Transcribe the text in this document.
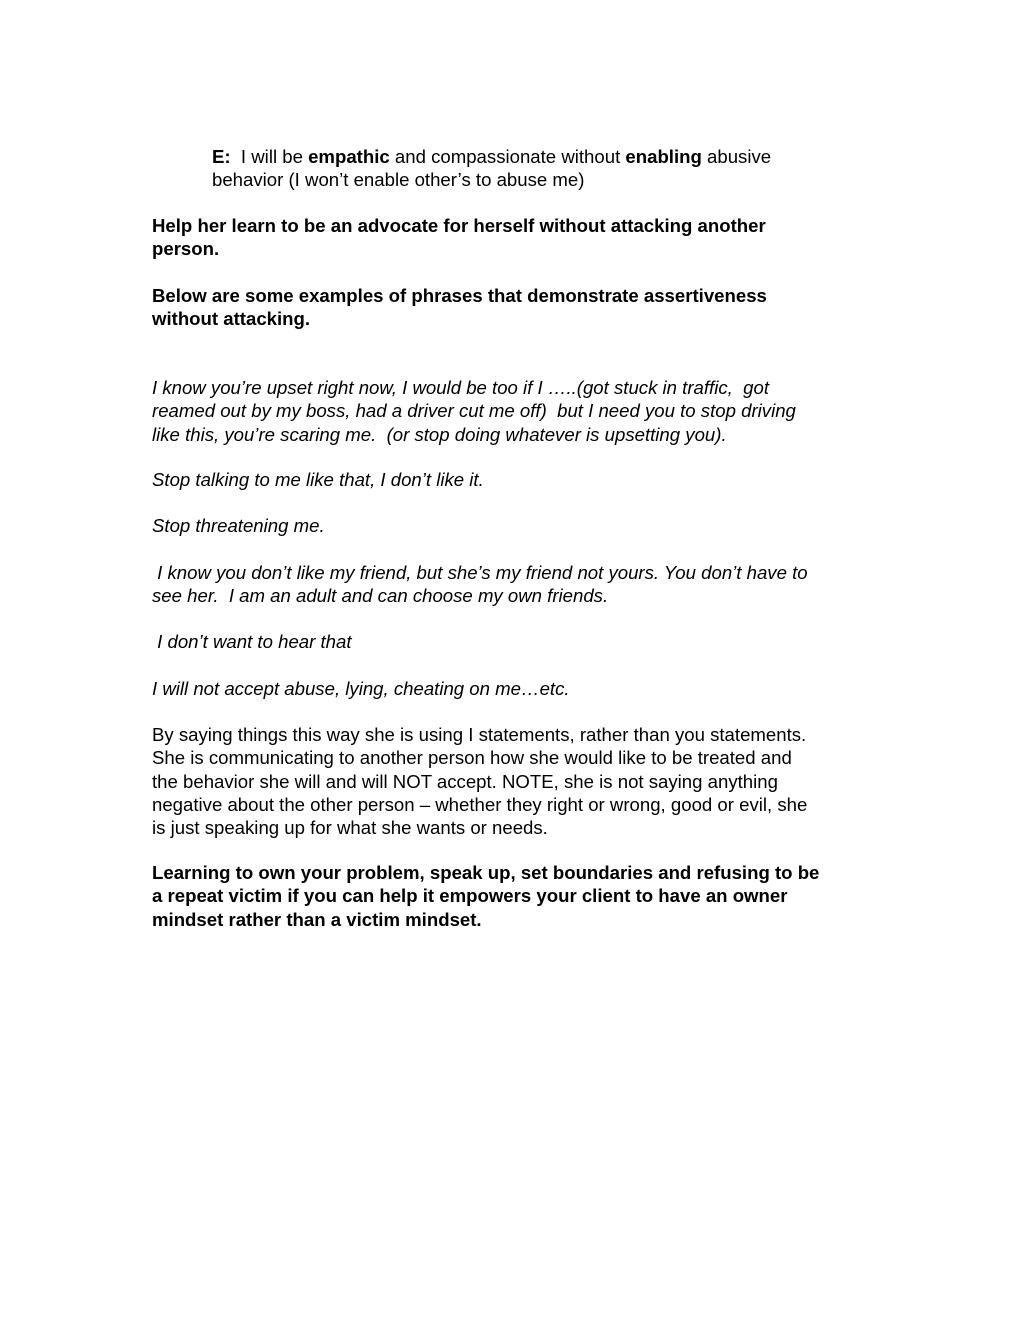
E:  I will be empathic and compassionate without enabling abusive
behavior (I won’t enable other’s to abuse me)

Help her learn to be an advocate for herself without attacking another
person.

Below are some examples of phrases that demonstrate assertiveness
without attacking.

I know you’re upset right now, I would be too if I …..(got stuck in traffic,  got
reamed out by my boss, had a driver cut me off)  but I need you to stop driving
like this, you’re scaring me.  (or stop doing whatever is upsetting you).

Stop talking to me like that, I don’t like it.

Stop threatening me.

I know you don’t like my friend, but she’s my friend not yours. You don’t have to
see her.  I am an adult and can choose my own friends.

I don’t want to hear that

I will not accept abuse, lying, cheating on me…etc.

By saying things this way she is using I statements, rather than you statements.
She is communicating to another person how she would like to be treated and
the behavior she will and will NOT accept. NOTE, she is not saying anything
negative about the other person – whether they right or wrong, good or evil, she
is just speaking up for what she wants or needs.

Learning to own your problem, speak up, set boundaries and refusing to be
a repeat victim if you can help it empowers your client to have an owner
mindset rather than a victim mindset.
